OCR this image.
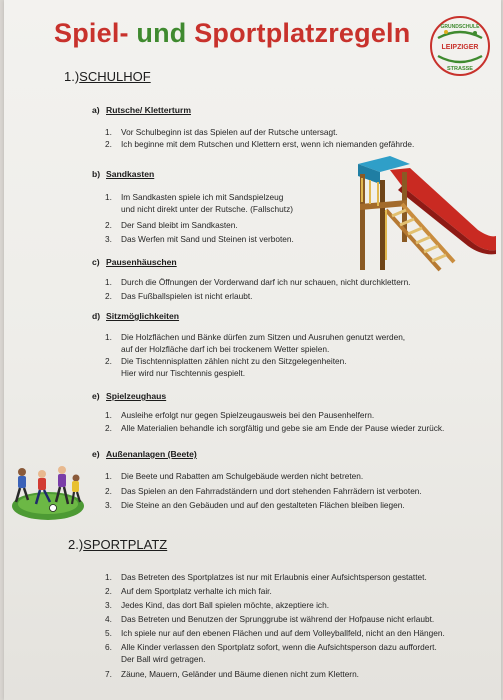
Spiel- und Sportplatzregeln	GRUNDSCHULE
LEIPZIGER
STRASSE
1.)SCHULHOF
a) Rutsche/ Kletterturm
1. Vor Schulbeginn ist das Spielen auf der Rutsche untersagt.
2. Ich beginne mit dem Rutschen und Klettern erst, wenn ich niemanden gefährde.
b) Sandkasten
1. Im Sandkasten spiele ich mit Sandspielzeug
und nicht direkt unter der Rutsche. (Fallschutz)
2. Der Sand bleibt im Sandkasten.
3. Das Werfen mit Sand und Steinen ist verboten.
c) Pausenhäuschen
1. Durch die Öffnungen der Vorderwand darf ich nur schauen, nicht durchklettern.
2. Das Fußballspielen ist nicht erlaubt.
d) Sitzmöglichkeiten
1. Die Holzflächen und Bänke dürfen zum Sitzen und Ausruhen genutzt werden,
auf der Holzfläche darf ich bei trockenem Wetter spielen.
2. Die Tischtennisplatten zählen nicht zu den Sitzgelegenheiten.
Hier wird nur Tischtennis gespielt.
e) Spielzeughaus
1. Ausleihe erfolgt nur gegen Spielzeugausweis bei den Pausenhelfern.
2. Alle Materialien behandle ich sorgfältig und gebe sie am Ende der Pause wieder zurück.
e) Außenanlagen (Beete)
1. Die Beete und Rabatten am Schulgebäude werden nicht betreten.
2. Das Spielen an den Fahrradständern und dort stehenden Fahrrädern ist verboten.
3. Die Steine an den Gebäuden und auf den gestalteten Flächen bleiben liegen.
2.)SPORTPLATZ
1. Das Betreten des Sportplatzes ist nur mit Erlaubnis einer Aufsichtsperson gestattet.
2. Auf dem Sportplatz verhalte ich mich fair.
3. Jedes Kind, das dort Ball spielen möchte, akzeptiere ich.
4. Das Betreten und Benutzen der Sprunggrube ist während der Hofpause nicht erlaubt.
5. Ich spiele nur auf den ebenen Flächen und auf dem Volleyballfeld, nicht an den Hängen.
6. Alle Kinder verlassen den Sportplatz sofort, wenn die Aufsichtsperson dazu auffordert.
Der Ball wird getragen.
7. Zäune, Mauern, Geländer und Bäume dienen nicht zum Klettern.
